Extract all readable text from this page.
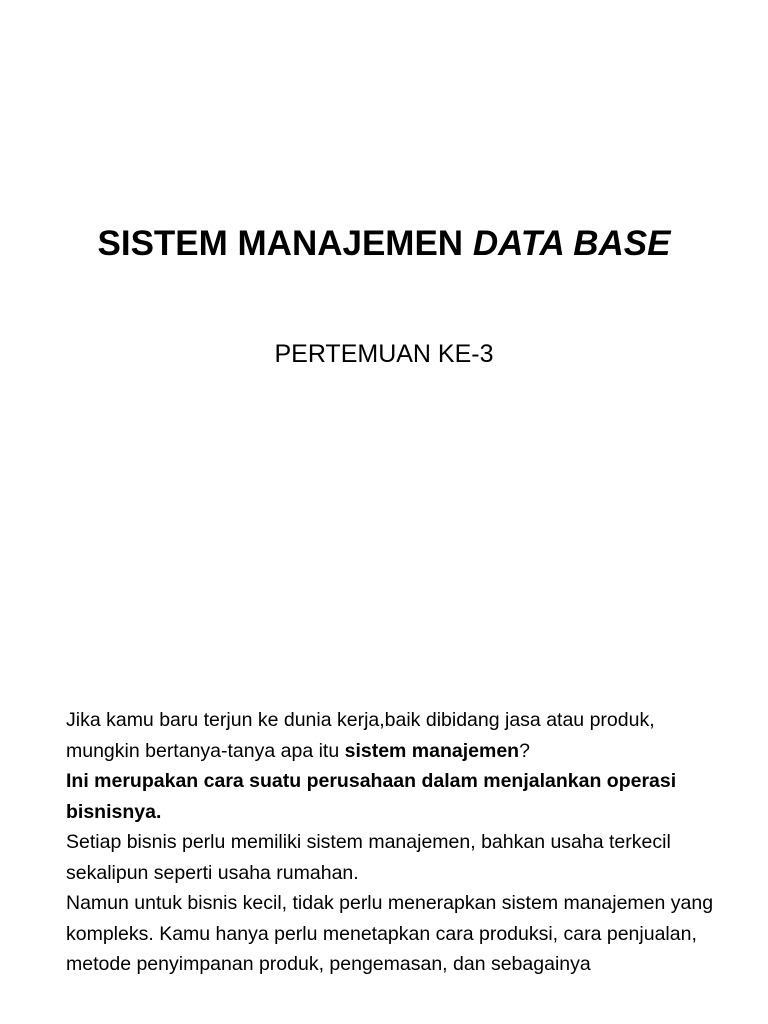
SISTEM MANAJEMEN DATA BASE
PERTEMUAN KE-3

Jika kamu baru terjun ke dunia kerja,baik dibidang jasa atau produk, mungkin bertanya-tanya apa itu sistem manajemen?

Ini merupakan cara suatu perusahaan dalam menjalankan operasi bisnisnya.

Setiap bisnis perlu memiliki sistem manajemen, bahkan usaha terkecil sekalipun seperti usaha rumahan.

Namun untuk bisnis kecil, tidak perlu menerapkan sistem manajemen yang kompleks. Kamu hanya perlu menetapkan cara produksi, cara penjualan, metode penyimpanan produk, pengemasan, dan sebagainya
